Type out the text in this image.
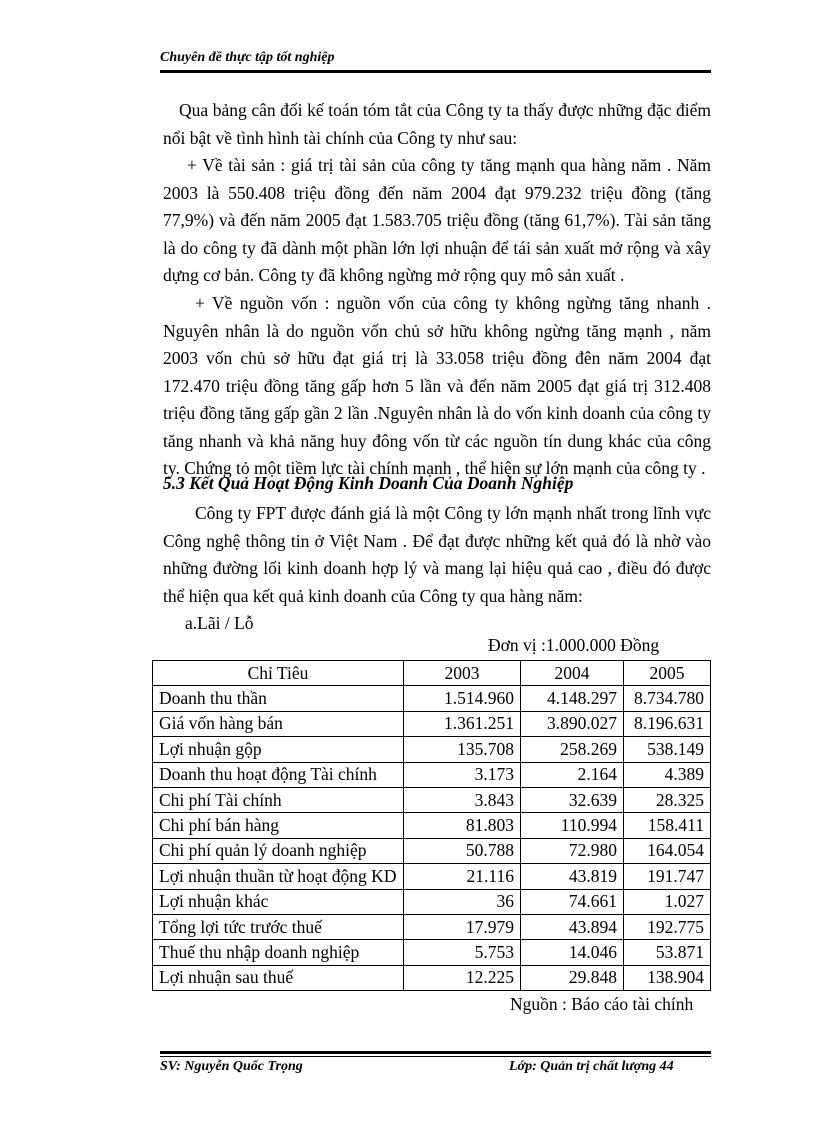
Chuyên đề thực tập tốt nghiệp
Qua bảng cân đối kế toán tóm tắt của Công ty ta thấy được những đặc điểm
nổi bật về tình hình tài chính của Công ty như sau:
+ Về tài sản : giá trị tài sản của công ty tăng mạnh qua hàng năm . Năm
2003 là 550.408 triệu đồng đến năm 2004 đạt 979.232 triệu đồng (tăng
77,9%) và đến năm 2005 đạt 1.583.705 triệu đồng (tăng 61,7%). Tài sản tăng
là do công ty đã dành một phần lớn lợi nhuận để tái sản xuất mở rộng và xây
dựng cơ bản. Công ty đã không ngừng mở rộng quy mô sản xuất .
+ Về nguồn vốn : nguồn vốn của công ty không ngừng tăng nhanh .
Nguyên nhân là do nguồn vốn chủ sở hữu không ngừng tăng mạnh , năm
2003 vốn chủ sở hữu đạt giá trị là 33.058 triệu đồng đên năm 2004 đạt
172.470 triệu đồng tăng gấp hơn 5 lần và đến năm 2005 đạt giá trị 312.408
triệu đồng tăng gấp gần 2 lần .Nguyên nhân là do vốn kinh doanh của công ty
tăng nhanh và khả năng huy đông vốn từ các nguồn tín dung khác của công
ty. Chứng tỏ một tiềm lực tài chính mạnh , thể hiện sự lớn mạnh của công ty .
5.3 Kết Quả Hoạt Động Kinh Doanh Của Doanh Nghiệp
Công ty FPT được đánh giá là một Công ty lớn mạnh nhất trong lĩnh vực
Công nghệ thông tin ở Việt Nam . Để đạt được những kết quả đó là nhờ vào
những đường lối kinh doanh hợp lý và mang lại hiệu quả cao , điều đó được
thể hiện qua kết quả kinh doanh của Công ty qua hàng năm:
a.Lãi / Lỗ
Đơn vị :1.000.000 Đồng
Chỉ Tiêu	2003	2004	2005
Doanh thu thần	1.514.960	4.148.297	8.734.780
Giá vốn hàng bán	1.361.251	3.890.027	8.196.631
Lợi nhuận gộp	135.708	258.269	538.149
Doanh thu hoạt động Tài chính	3.173	2.164	4.389
Chi phí Tài chính	3.843	32.639	28.325
Chi phí bán hàng	81.803	110.994	158.411
Chi phí quản lý doanh nghiệp	50.788	72.980	164.054
Lợi nhuận thuần từ hoạt động KD	21.116	43.819	191.747
Lợi nhuận khác	36	74.661	1.027
Tổng lợi tức trước thuế	17.979	43.894	192.775
Thuế thu nhập doanh nghiệp	5.753	14.046	53.871
Lợi nhuận sau thuế	12.225	29.848	138.904
Nguồn : Báo cáo tài chính
SV: Nguyễn Quốc Trọng	Lớp: Quản trị chất lượng 44
